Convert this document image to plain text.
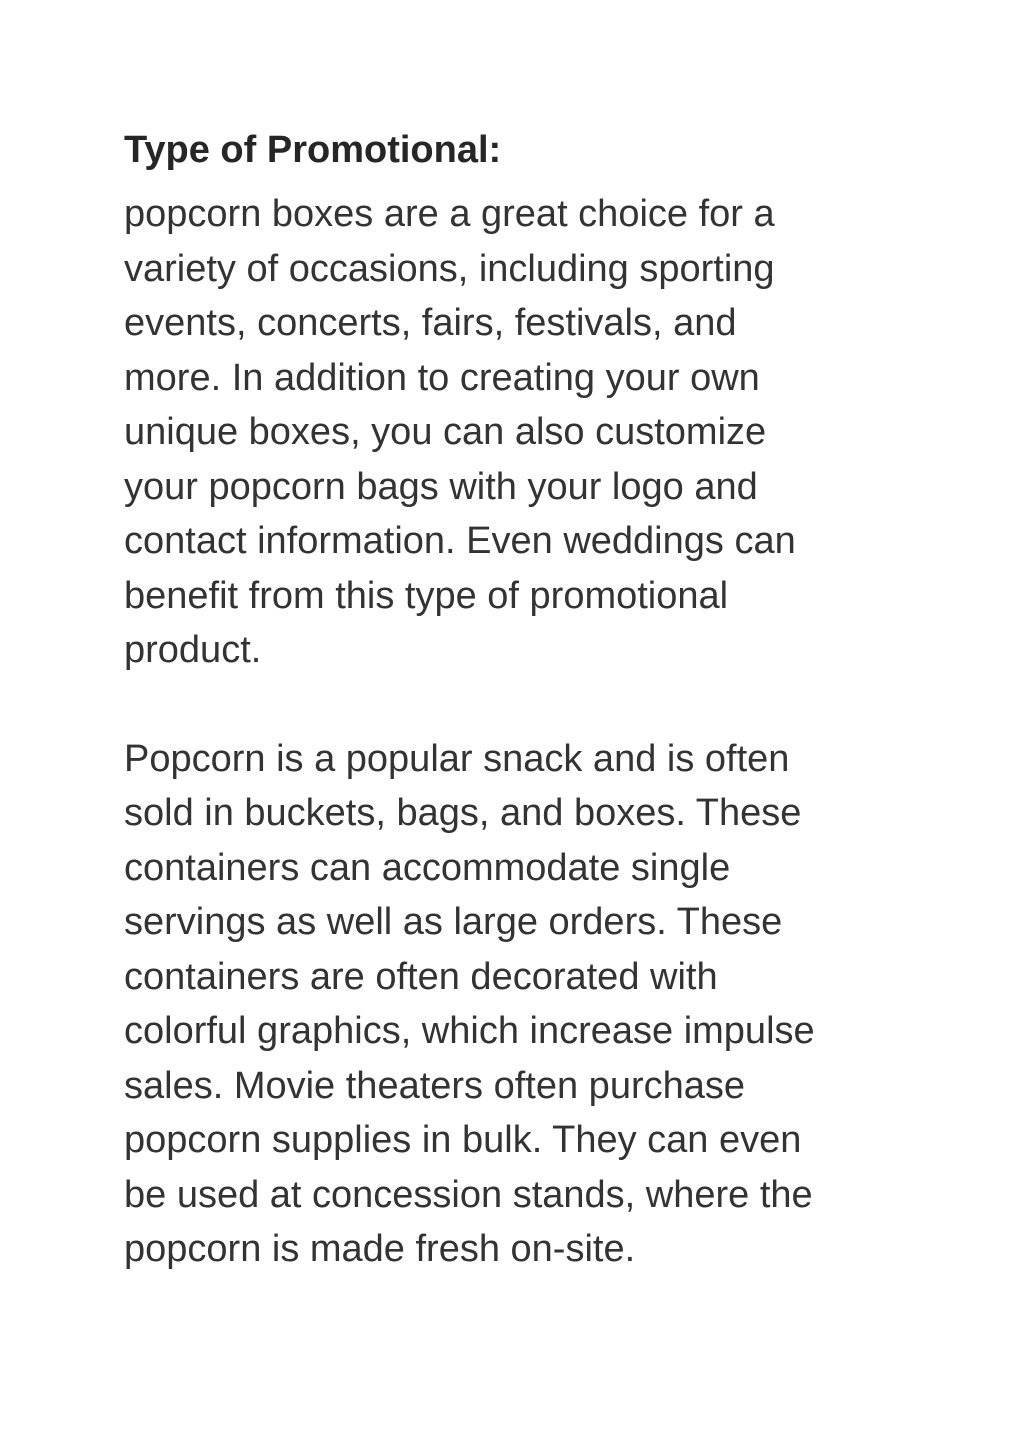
Type of Promotional:

popcorn boxes are a great choice for a
variety of occasions, including sporting
events, concerts, fairs, festivals, and
more. In addition to creating your own
unique boxes, you can also customize
your popcorn bags with your logo and
contact information. Even weddings can
benefit from this type of promotional
product.

Popcorn is a popular snack and is often
sold in buckets, bags, and boxes. These
containers can accommodate single
servings as well as large orders. These
containers are often decorated with
colorful graphics, which increase impulse
sales. Movie theaters often purchase
popcorn supplies in bulk. They can even
be used at concession stands, where the
popcorn is made fresh on-site.
